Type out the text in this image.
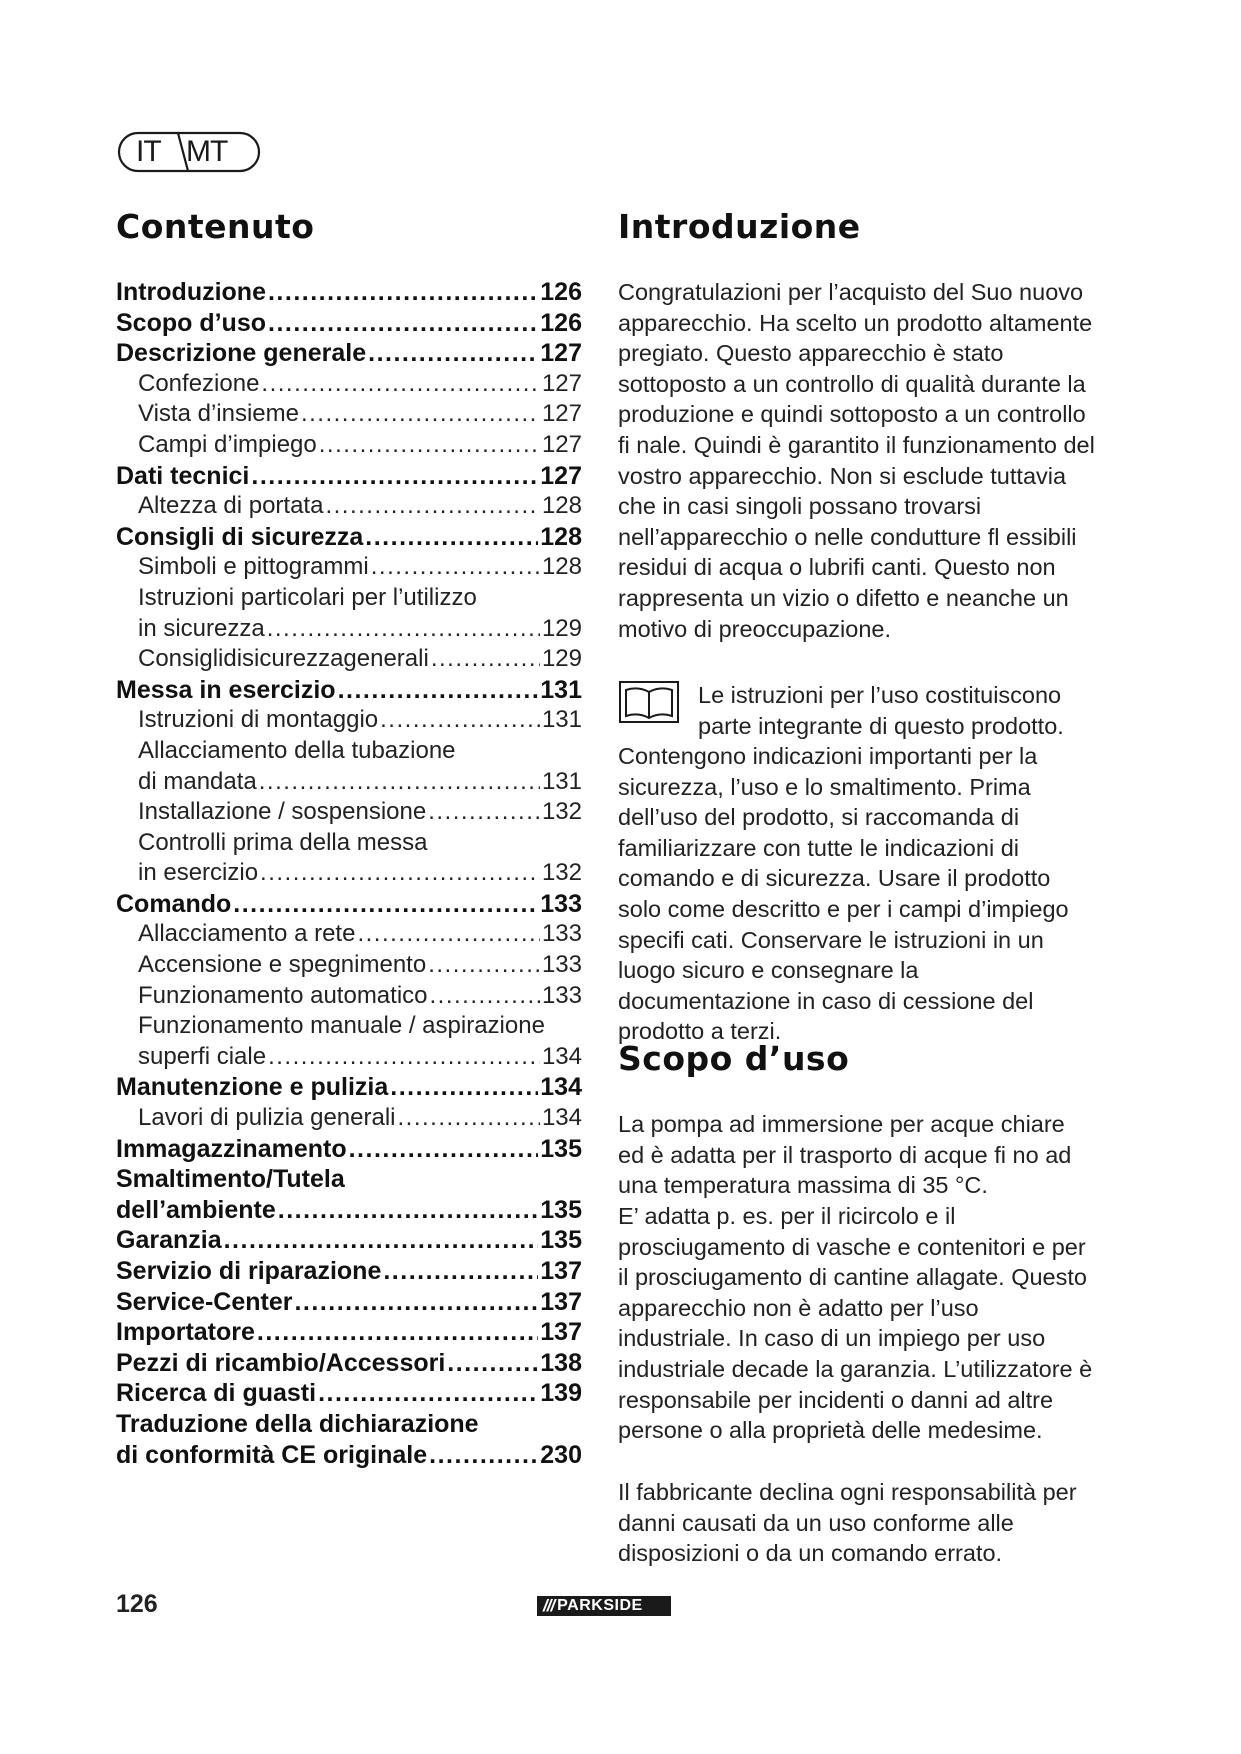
IT MT
Contenuto	Introduzione
Scopo d’uso
Introduzione .....	126
Scopo d’uso .....	126
Descrizione generale .....	127
Confezione .....	127
Vista d’insieme .....	127
Campi d’impiego .....	127
Dati tecnici .....	127
Altezza di portata .....	128
Consigli di sicurezza .....	128
Simboli e pittogrammi .....	128
Istruzioni particolari per l’utilizzo
in sicurezza .....	129
Consiglidisicurezzagenerali .....	129
Messa in esercizio .....	131
Istruzioni di montaggio .....	131
Allacciamento della tubazione
di mandata .....	131
Installazione / sospensione .....	132
Controlli prima della messa
in esercizio .....	132
Comando .....	133
Allacciamento a rete .....	133
Accensione e spegnimento .....	133
Funzionamento automatico .....	133
Funzionamento manuale / aspirazione
superfi ciale .....	134
Manutenzione e pulizia .....	134
Lavori di pulizia generali .....	134
Immagazzinamento .....	135
Smaltimento/Tutela
dell’ambiente .....	135
Garanzia .....	135
Servizio di riparazione .....	137
Service-Center .....	137
Importatore .....	137
Pezzi di ricambio/Accessori .....	138
Ricerca di guasti .....	139
Traduzione della dichiarazione
di conformità CE originale .....	230

Congratulazioni per l’acquisto del Suo nuovo apparecchio. Ha scelto un prodotto altamente pregiato. Questo apparecchio è stato sottoposto a un controllo di qualità durante la produzione e quindi sottoposto a un controllo fi nale. Quindi è garantito il funzionamento del vostro apparecchio. Non si esclude tuttavia che in casi singoli possano trovarsi nell’apparecchio o nelle condutture fl essibili residui di acqua o lubrifi canti. Questo non rappresenta un vizio o difetto e neanche un motivo di preoccupazione.

Le istruzioni per l’uso costituiscono parte integrante di questo prodotto.

Contengono indicazioni importanti per la sicurezza, l’uso e lo smaltimento. Prima dell’uso del prodotto, si raccomanda di familiarizzare con tutte le indicazioni di comando e di sicurezza. Usare il prodotto solo come descritto e per i campi d’impiego specifi cati. Conservare le istruzioni in un luogo sicuro e consegnare la documentazione in caso di cessione del prodotto a terzi.

La pompa ad immersione per acque chiare ed è adatta per il trasporto di acque fi no ad una temperatura massima di 35 °C.

E’ adatta p. es. per il ricircolo e il prosciugamento di vasche e contenitori e per il prosciugamento di cantine allagate. Questo apparecchio non è adatto per l’uso industriale. In caso di un impiego per uso industriale decade la garanzia. L’utilizzatore è responsabile per incidenti o danni ad altre persone o alla proprietà delle medesime.

Il fabbricante declina ogni responsabilità per danni causati da un uso conforme alle disposizioni o da un comando errato.

126	/// PARKSIDE
